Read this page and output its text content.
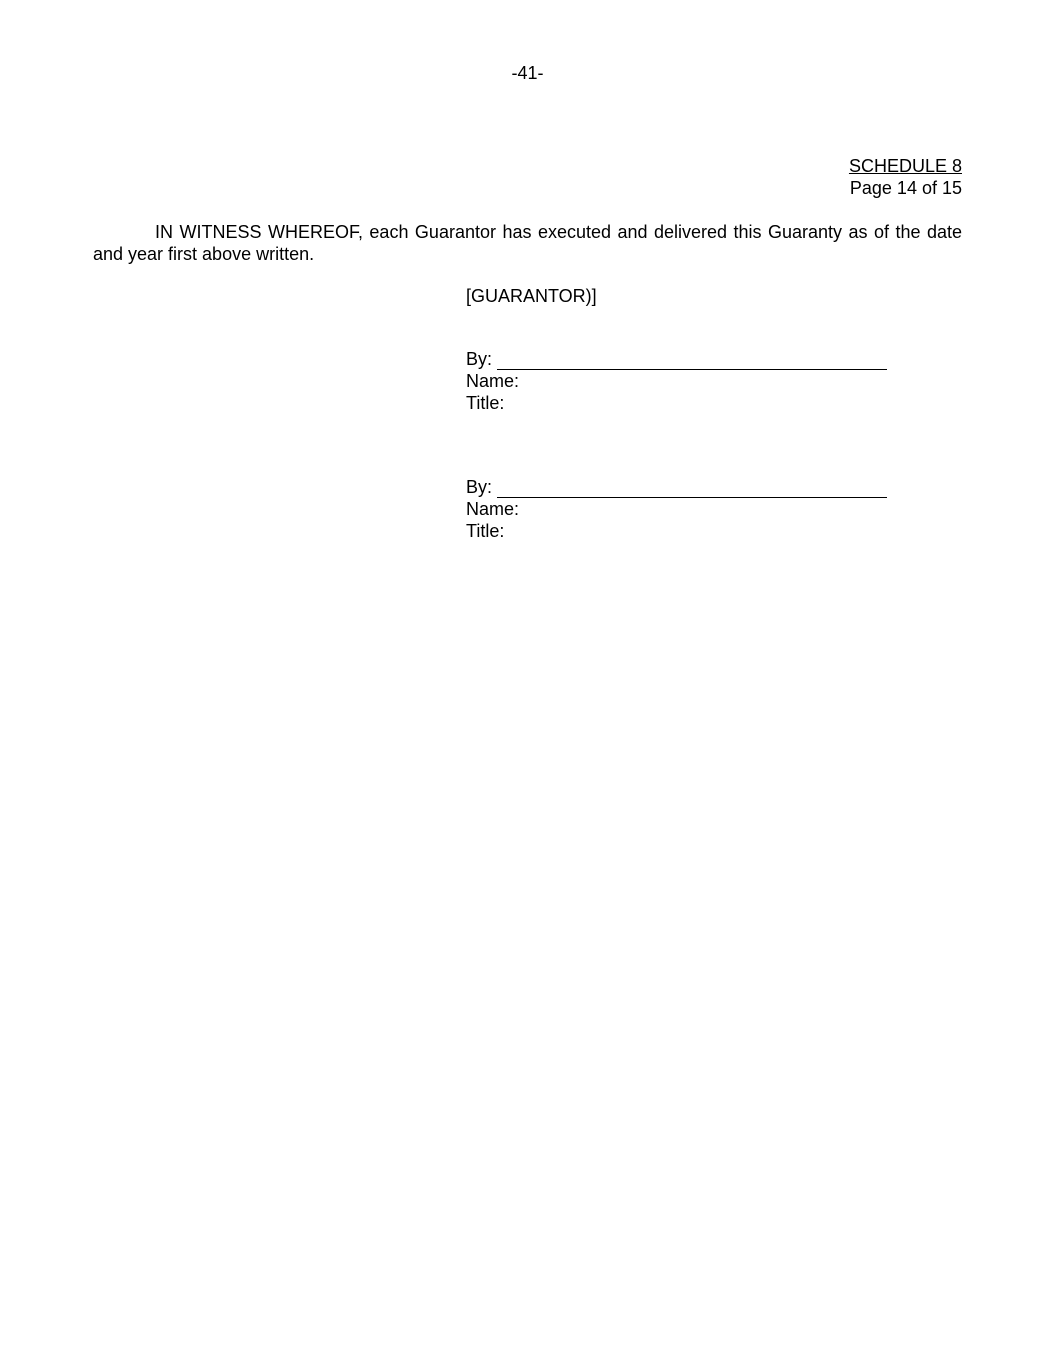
-41-
SCHEDULE 8
Page 14 of 15

IN WITNESS WHEREOF, each Guarantor has executed and delivered this Guaranty as of the date and year first above written.

[GUARANTOR)]
By:
Name:
Title:
By:
Name:
Title:
